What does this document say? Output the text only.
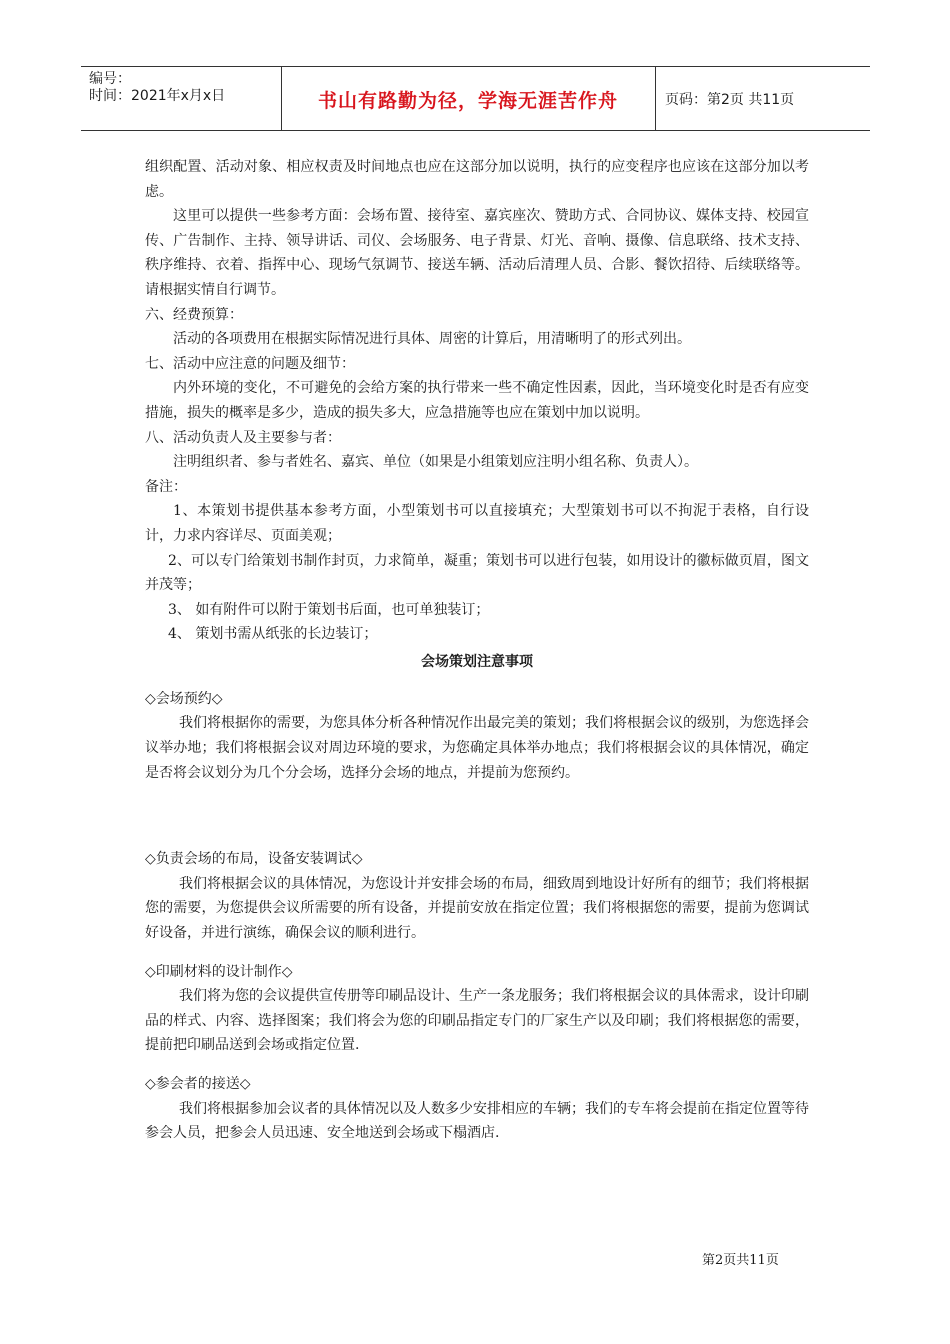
编号：
时间：2021年x月x日	书山有路勤为径，学海无涯苦作舟	页码：第2页 共11页

组织配置、活动对象、相应权责及时间地点也应在这部分加以说明，执行的应变程序也应该在这部分加以考虑。

这里可以提供一些参考方面：会场布置、接待室、嘉宾座次、赞助方式、合同协议、媒体支持、校园宣传、广告制作、主持、领导讲话、司仪、会场服务、电子背景、灯光、音响、摄像、信息联络、技术支持、秩序维持、衣着、指挥中心、现场气氛调节、接送车辆、活动后清理人员、合影、餐饮招待、后续联络等。请根据实情自行调节。

六、经费预算：

活动的各项费用在根据实际情况进行具体、周密的计算后，用清晰明了的形式列出。

七、活动中应注意的问题及细节：

内外环境的变化，不可避免的会给方案的执行带来一些不确定性因素，因此，当环境变化时是否有应变措施，损失的概率是多少，造成的损失多大，应急措施等也应在策划中加以说明。

八、活动负责人及主要参与者：

注明组织者、参与者姓名、嘉宾、单位（如果是小组策划应注明小组名称、负责人）。

备注：

1、本策划书提供基本参考方面，小型策划书可以直接填充；大型策划书可以不拘泥于表格，自行设计，力求内容详尽、页面美观；

2、可以专门给策划书制作封页，力求简单，凝重；策划书可以进行包装，如用设计的徽标做页眉，图文并茂等；

3、 如有附件可以附于策划书后面，也可单独装订；

4、 策划书需从纸张的长边装订；

会场策划注意事项

◇会场预约◇

我们将根据你的需要，为您具体分析各种情况作出最完美的策划；我们将根据会议的级别，为您选择会议举办地；我们将根据会议对周边环境的要求，为您确定具体举办地点；我们将根据会议的具体情况，确定是否将会议划分为几个分会场，选择分会场的地点，并提前为您预约。

◇负责会场的布局，设备安装调试◇

我们将根据会议的具体情况，为您设计并安排会场的布局，细致周到地设计好所有的细节；我们将根据您的需要，为您提供会议所需要的所有设备，并提前安放在指定位置；我们将根据您的需要，提前为您调试好设备，并进行演练，确保会议的顺利进行。

◇印刷材料的设计制作◇

我们将为您的会议提供宣传册等印刷品设计、生产一条龙服务；我们将根据会议的具体需求，设计印刷品的样式、内容、选择图案；我们将会为您的印刷品指定专门的厂家生产以及印刷；我们将根据您的需要，提前把印刷品送到会场或指定位置.

◇参会者的接送◇

我们将根据参加会议者的具体情况以及人数多少安排相应的车辆；我们的专车将会提前在指定位置等待参会人员，把参会人员迅速、安全地送到会场或下榻酒店.

第2页共11页
